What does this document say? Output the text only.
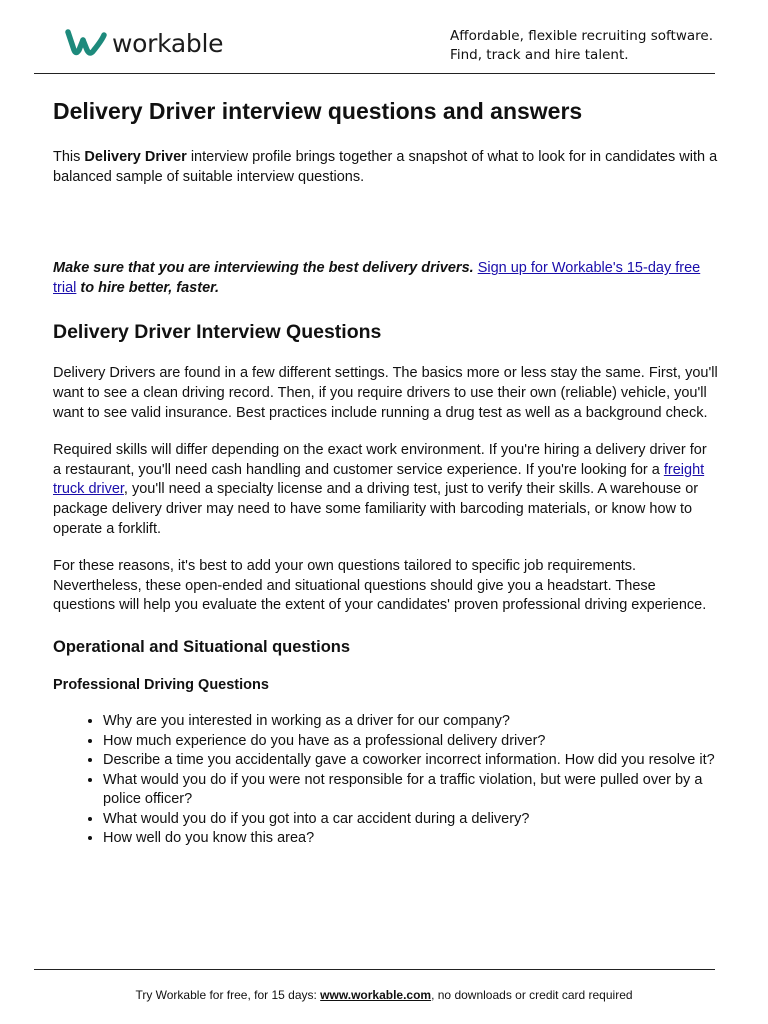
workable	Affordable, flexible recruiting software.
Find, track and hire talent.
Delivery Driver interview questions and answers

This Delivery Driver interview profile brings together a snapshot of what to look for in candidates with a balanced sample of suitable interview questions.

Make sure that you are interviewing the best delivery drivers. Sign up for Workable's 15-day free trial to hire better, faster.

Delivery Driver Interview Questions

Delivery Drivers are found in a few different settings. The basics more or less stay the same. First, you'll want to see a clean driving record. Then, if you require drivers to use their own (reliable) vehicle, you'll want to see valid insurance. Best practices include running a drug test as well as a background check.

Required skills will differ depending on the exact work environment. If you're hiring a delivery driver for a restaurant, you'll need cash handling and customer service experience. If you're looking for a freight truck driver, you'll need a specialty license and a driving test, just to verify their skills. A warehouse or package delivery driver may need to have some familiarity with barcoding materials, or know how to operate a forklift.

For these reasons, it's best to add your own questions tailored to specific job requirements. Nevertheless, these open-ended and situational questions should give you a headstart. These questions will help you evaluate the extent of your candidates' proven professional driving experience.

Operational and Situational questions
Professional Driving Questions
• Why are you interested in working as a driver for our company?
• How much experience do you have as a professional delivery driver?
• Describe a time you accidentally gave a coworker incorrect information. How did you resolve it?
• What would you do if you were not responsible for a traffic violation, but were pulled over by a police officer?
• What would you do if you got into a car accident during a delivery?
• How well do you know this area?
Try Workable for free, for 15 days: www.workable.com, no downloads or credit card required
